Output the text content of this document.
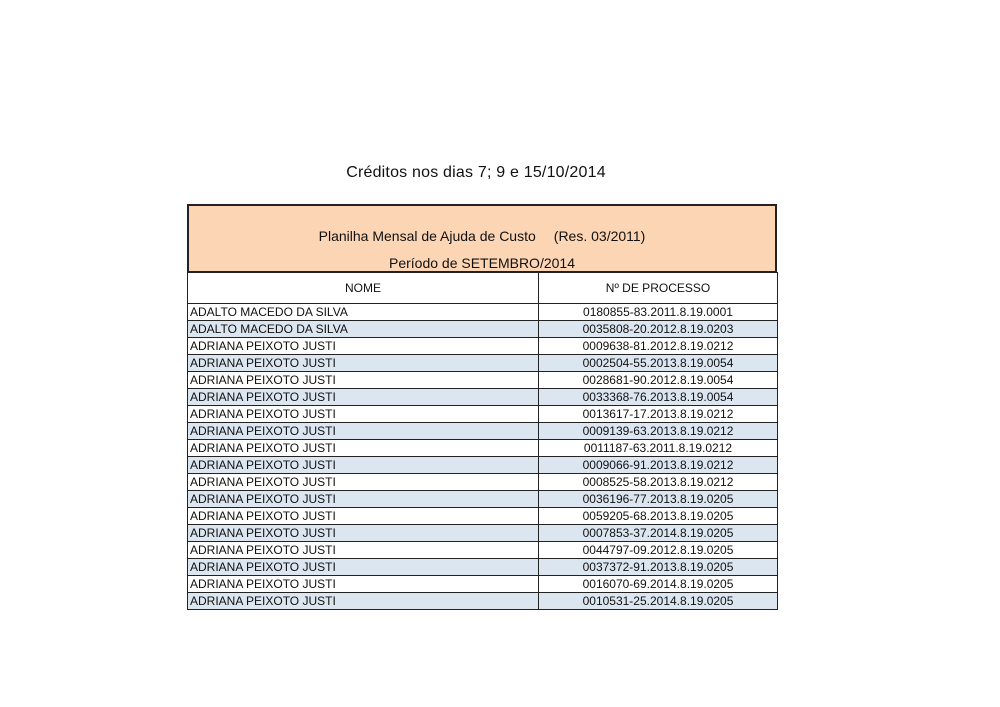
Créditos nos dias 7; 9 e 15/10/2014
Planilha Mensal de Ajuda de Custo (Res. 03/2011)
Período de SETEMBRO/2014
NOME	Nº DE PROCESSO
ADALTO MACEDO DA SILVA	0180855-83.2011.8.19.0001
ADALTO MACEDO DA SILVA	0035808-20.2012.8.19.0203
ADRIANA PEIXOTO JUSTI	0009638-81.2012.8.19.0212
ADRIANA PEIXOTO JUSTI	0002504-55.2013.8.19.0054
ADRIANA PEIXOTO JUSTI	0028681-90.2012.8.19.0054
ADRIANA PEIXOTO JUSTI	0033368-76.2013.8.19.0054
ADRIANA PEIXOTO JUSTI	0013617-17.2013.8.19.0212
ADRIANA PEIXOTO JUSTI	0009139-63.2013.8.19.0212
ADRIANA PEIXOTO JUSTI	0011187-63.2011.8.19.0212
ADRIANA PEIXOTO JUSTI	0009066-91.2013.8.19.0212
ADRIANA PEIXOTO JUSTI	0008525-58.2013.8.19.0212
ADRIANA PEIXOTO JUSTI	0036196-77.2013.8.19.0205
ADRIANA PEIXOTO JUSTI	0059205-68.2013.8.19.0205
ADRIANA PEIXOTO JUSTI	0007853-37.2014.8.19.0205
ADRIANA PEIXOTO JUSTI	0044797-09.2012.8.19.0205
ADRIANA PEIXOTO JUSTI	0037372-91.2013.8.19.0205
ADRIANA PEIXOTO JUSTI	0016070-69.2014.8.19.0205
ADRIANA PEIXOTO JUSTI	0010531-25.2014.8.19.0205
